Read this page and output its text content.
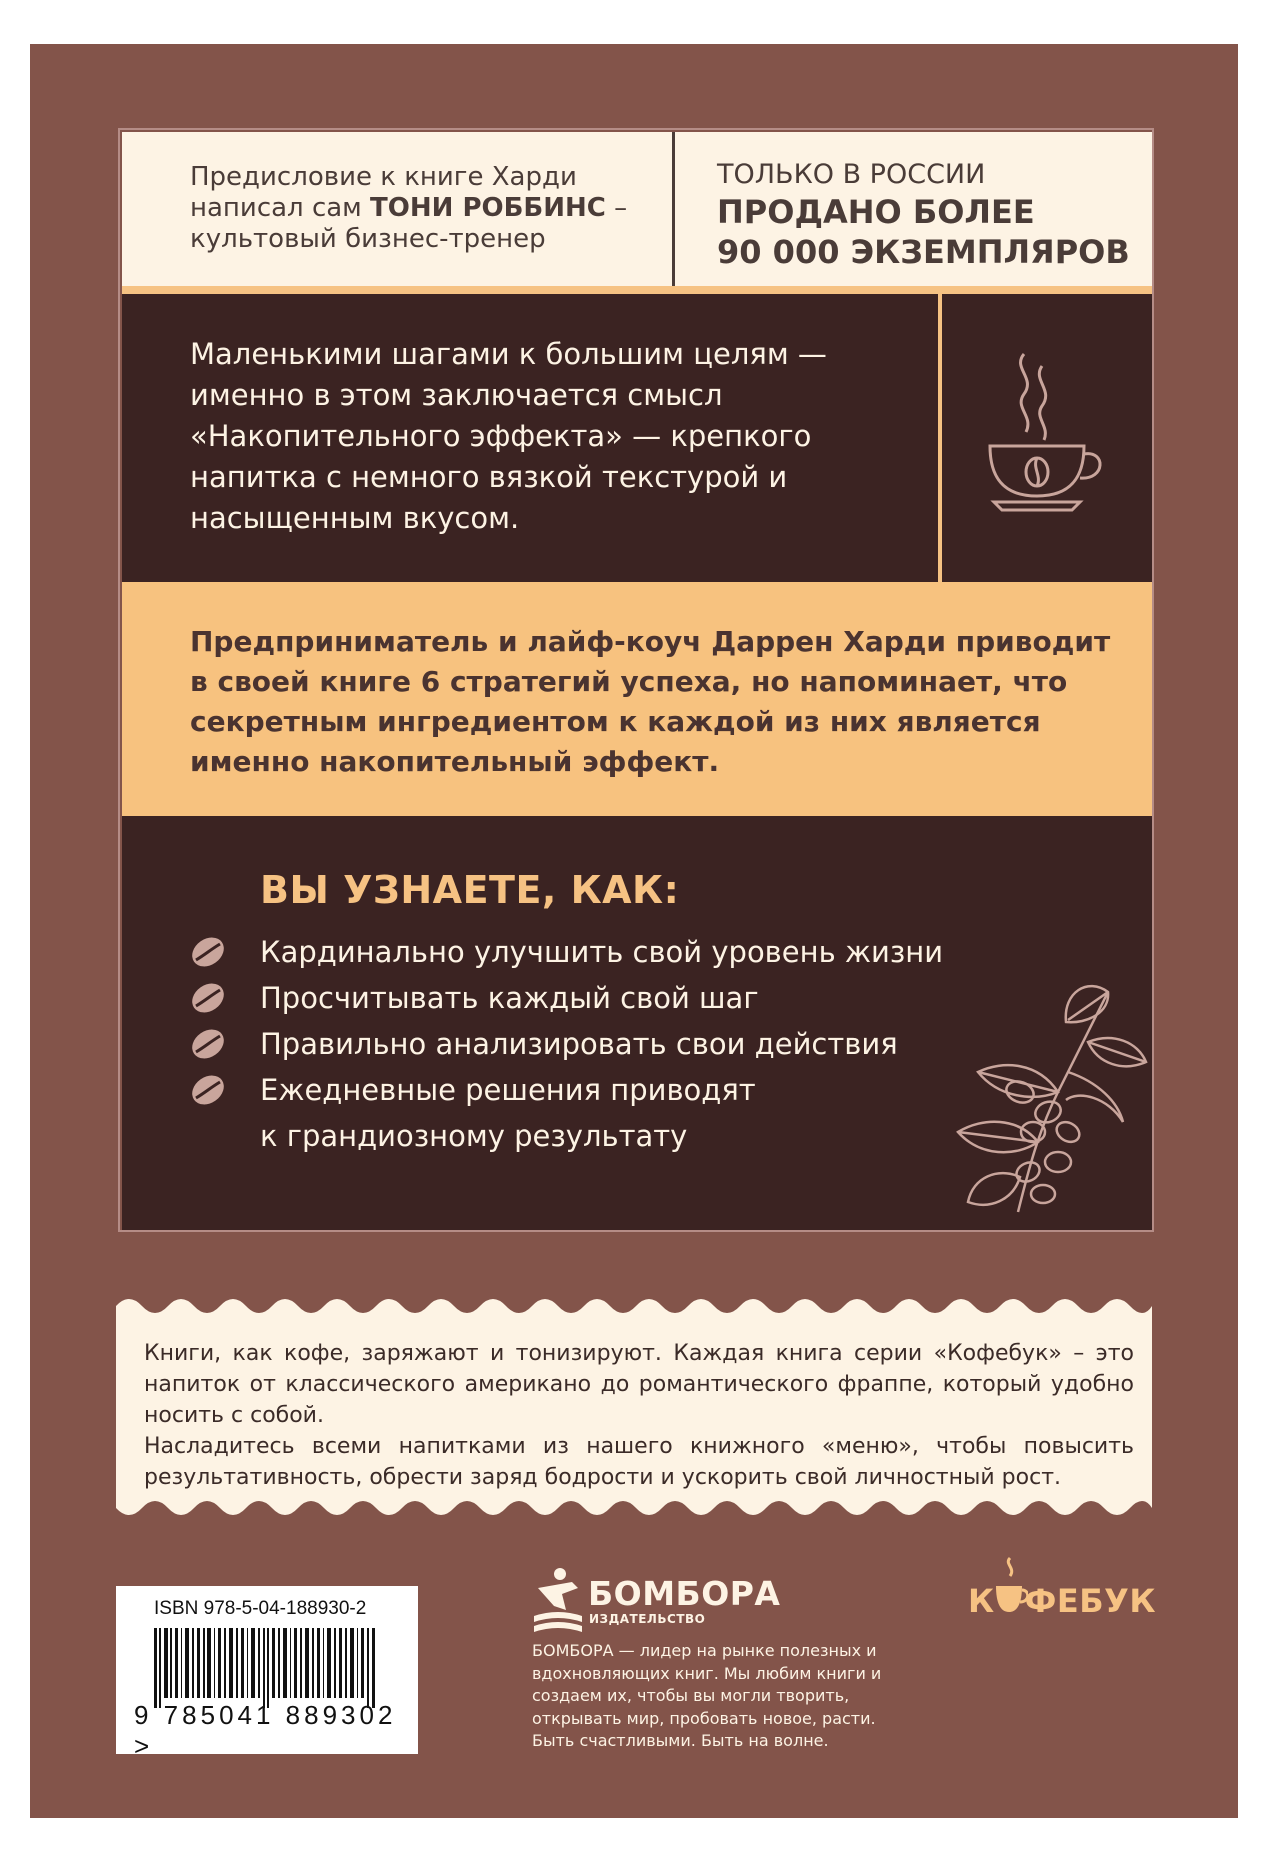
Предисловие к книге Харди
написал сам ТОНИ РОББИНС –
культовый бизнес-тренер
ТОЛЬКО В РОССИИ
ПРОДАНО БОЛЕЕ
90 000 ЭКЗЕМПЛЯРОВ
Маленькими шагами к большим целям — именно в этом заключается смысл «Накопительного эффекта» — крепкого напитка с немного вязкой текстурой и насыщенным вкусом.
Предприниматель и лайф-коуч Даррен Харди приводит в своей книге 6 стратегий успеха, но напоминает, что секретным ингредиентом к каждой из них является именно накопительный эффект.
ВЫ УЗНАЕТЕ, КАК:
Кардинально улучшить свой уровень жизни
Просчитывать каждый свой шаг
Правильно анализировать свои действия
Ежедневные решения приводят
к грандиозному результату
Книги, как кофе, заряжают и тонизируют. Каждая книга серии «Кофебук» – это напиток от классического американо до романтического фраппе, который удобно носить с собой.
Насладитесь всеми напитками из нашего книжного «меню», чтобы повысить результативность, обрести заряд бодрости и ускорить свой личностный рост.
ISBN 978-5-04-188930-2
9 785041 889302 >
БОМБОРА
ИЗДАТЕЛЬСТВО
БОМБОРА — лидер на рынке полезных и вдохновляющих книг. Мы любим книги и создаем их, чтобы вы могли творить, открывать мир, пробовать новое, расти. Быть счастливыми. Быть на волне.
К ФЕБУК
